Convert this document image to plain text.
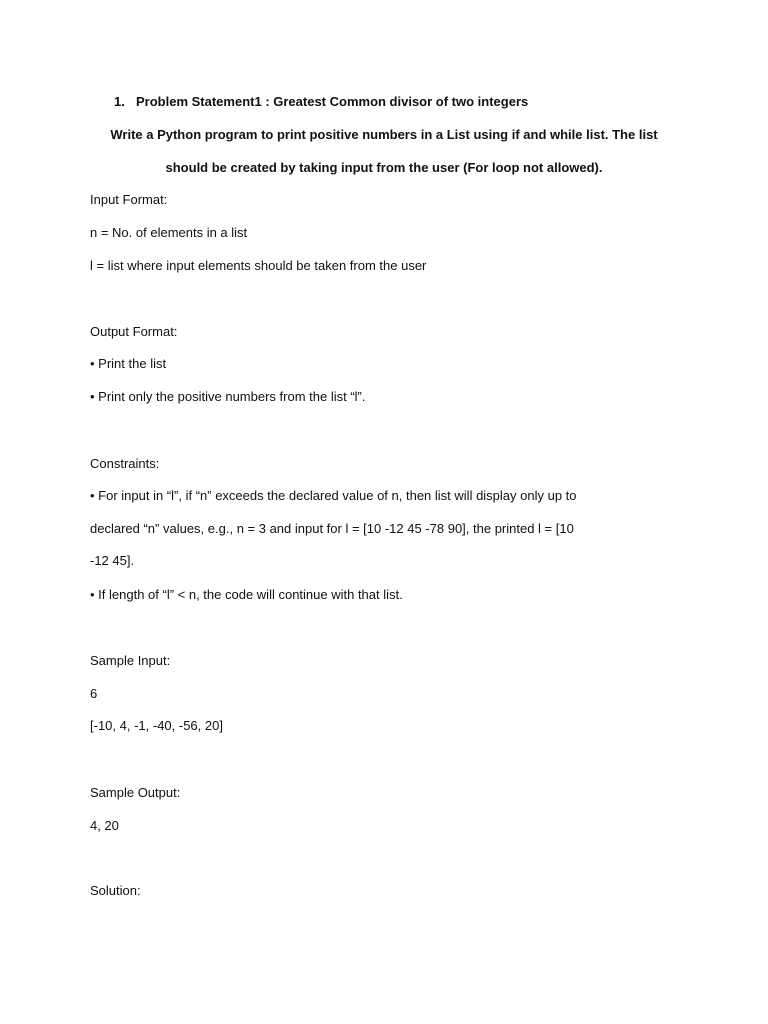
1. Problem Statement1 : Greatest Common divisor of two integers
Write a Python program to print positive numbers in a List using if and while list. The list
should be created by taking input from the user (For loop not allowed).
Input Format:
n = No. of elements in a list
l = list where input elements should be taken from the user
Output Format:
• Print the list
• Print only the positive numbers from the list “l”.
Constraints:
• For input in “l”, if “n” exceeds the declared value of n, then list will display only up to
declared “n” values, e.g., n = 3 and input for l = [10 -12 45 -78 90], the printed l = [10
-12 45].
• If length of “l” < n, the code will continue with that list.
Sample Input:
6
[-10, 4, -1, -40, -56, 20]
Sample Output:
4, 20
Solution:
